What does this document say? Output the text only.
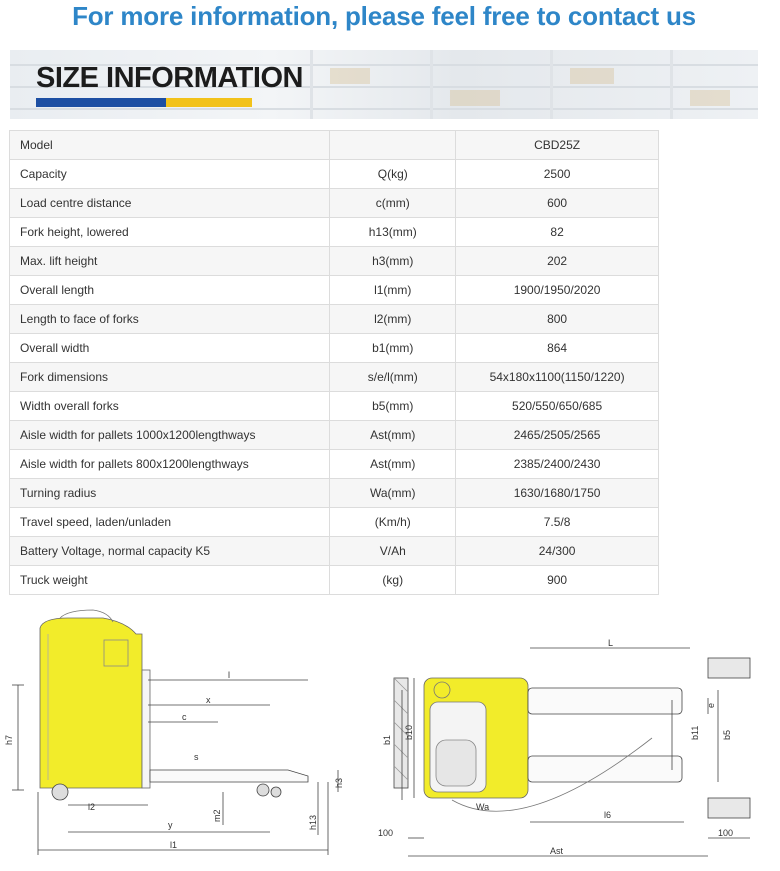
For more information, please feel free to contact us
SIZE INFORMATION
Model		CBD25Z
Capacity	Q(kg)	2500
Load centre distance	c(mm)	600
Fork height, lowered	h13(mm)	82
Max. lift height	h3(mm)	202
Overall length	l1(mm)	1900/1950/2020
Length to face of forks	l2(mm)	800
Overall width	b1(mm)	864
Fork dimensions	s/e/l(mm)	54x180x1100(1150/1220)
Width overall forks	b5(mm)	520/550/650/685
Aisle width for pallets 1000x1200lengthways	Ast(mm)	2465/2505/2565
Aisle width for pallets 800x1200lengthways	Ast(mm)	2385/2400/2430
Turning radius	Wa(mm)	1630/1680/1750
Travel speed, laden/unladen	(Km/h)	7.5/8
Battery Voltage, normal capacity K5	V/Ah	24/300
Truck weight	(kg)	900
l
x
c
s
h7
h3
l2
m2	h13
y
l1
L
e
b1 b10	b11 b5
l6
Wa
100	100
Ast
